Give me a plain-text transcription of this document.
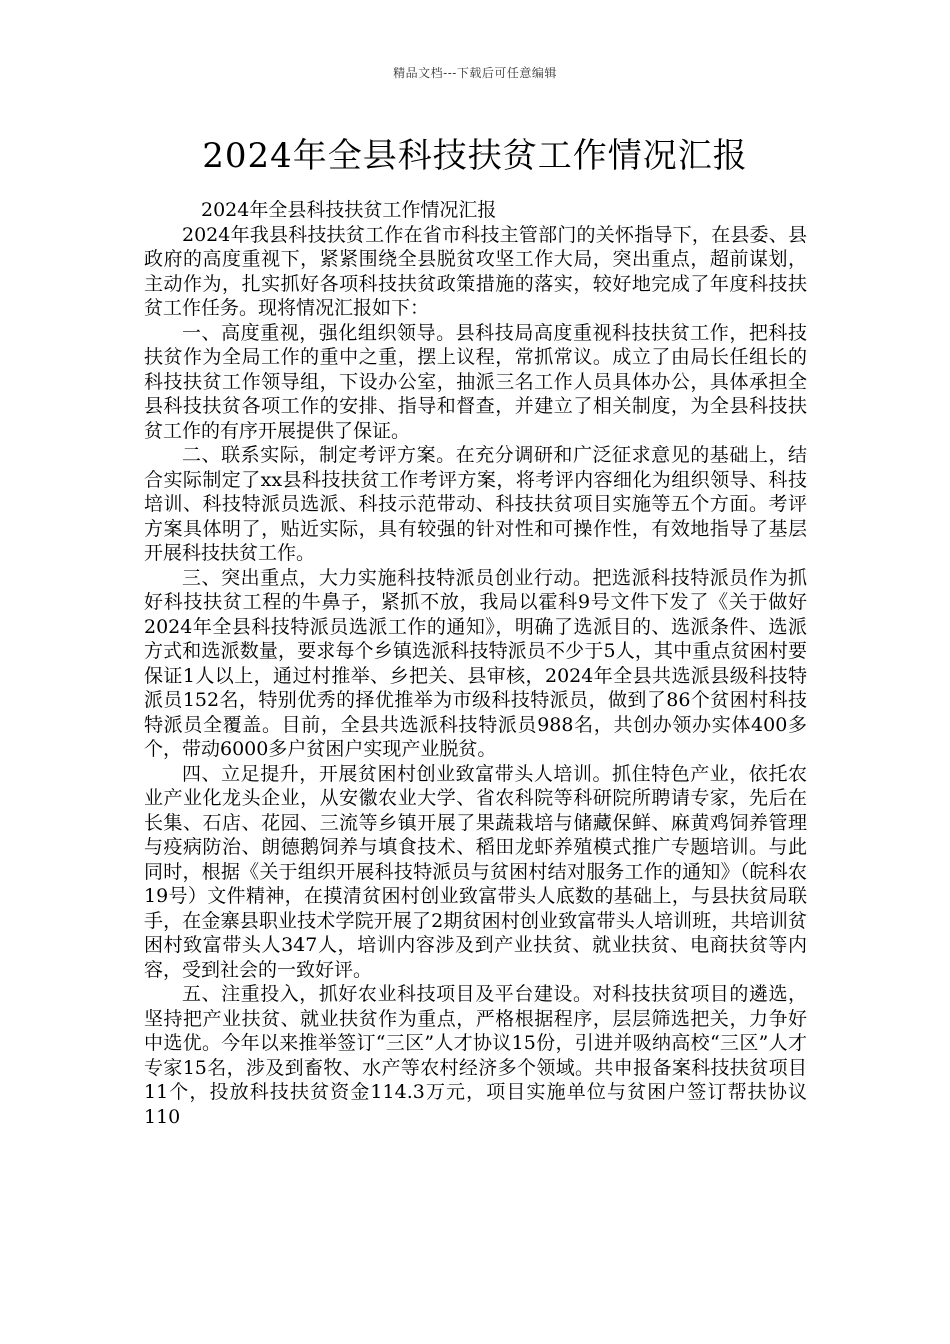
精品文档---下载后可任意编辑
2024年全县科技扶贫工作情况汇报

2024年全县科技扶贫工作情况汇报

2024年我县科技扶贫工作在省市科技主管部门的关怀指导下，在县委、县政府的高度重视下，紧紧围绕全县脱贫攻坚工作大局，突出重点，超前谋划，主动作为，扎实抓好各项科技扶贫政策措施的落实，较好地完成了年度科技扶贫工作任务。现将情况汇报如下：

一、高度重视，强化组织领导。县科技局高度重视科技扶贫工作，把科技扶贫作为全局工作的重中之重，摆上议程，常抓常议。成立了由局长任组长的科技扶贫工作领导组，下设办公室，抽派三名工作人员具体办公，具体承担全县科技扶贫各项工作的安排、指导和督查，并建立了相关制度，为全县科技扶贫工作的有序开展提供了保证。

二、联系实际，制定考评方案。在充分调研和广泛征求意见的基础上，结合实际制定了xx县科技扶贫工作考评方案，将考评内容细化为组织领导、科技培训、科技特派员选派、科技示范带动、科技扶贫项目实施等五个方面。考评方案具体明了，贴近实际，具有较强的针对性和可操作性，有效地指导了基层开展科技扶贫工作。

三、突出重点，大力实施科技特派员创业行动。把选派科技特派员作为抓好科技扶贫工程的牛鼻子，紧抓不放，我局以霍科9号文件下发了《关于做好2024年全县科技特派员选派工作的通知》，明确了选派目的、选派条件、选派方式和选派数量，要求每个乡镇选派科技特派员不少于5人，其中重点贫困村要保证1人以上，通过村推举、乡把关、县审核，2024年全县共选派县级科技特派员152名，特别优秀的择优推举为市级科技特派员，做到了86个贫困村科技特派员全覆盖。目前，全县共选派科技特派员988名，共创办领办实体400多个，带动6000多户贫困户实现产业脱贫。

四、立足提升，开展贫困村创业致富带头人培训。抓住特色产业，依托农业产业化龙头企业，从安徽农业大学、省农科院等科研院所聘请专家，先后在长集、石店、花园、三流等乡镇开展了果蔬栽培与储藏保鲜、麻黄鸡饲养管理与疫病防治、朗德鹅饲养与填食技术、稻田龙虾养殖模式推广专题培训。与此同时，根据《关于组织开展科技特派员与贫困村结对服务工作的通知》（皖科农19号）文件精神，在摸清贫困村创业致富带头人底数的基础上，与县扶贫局联手，在金寨县职业技术学院开展了2期贫困村创业致富带头人培训班，共培训贫困村致富带头人347人，培训内容涉及到产业扶贫、就业扶贫、电商扶贫等内容，受到社会的一致好评。

五、注重投入，抓好农业科技项目及平台建设。对科技扶贫项目的遴选，坚持把产业扶贫、就业扶贫作为重点，严格根据程序，层层筛选把关，力争好中选优。今年以来推举签订“三区”人才协议15份，引进并吸纳高校“三区”人才专家15名，涉及到畜牧、水产等农村经济多个领域。共申报备案科技扶贫项目11个，投放科技扶贫资金114.3万元，项目实施单位与贫困户签订帮扶协议110
